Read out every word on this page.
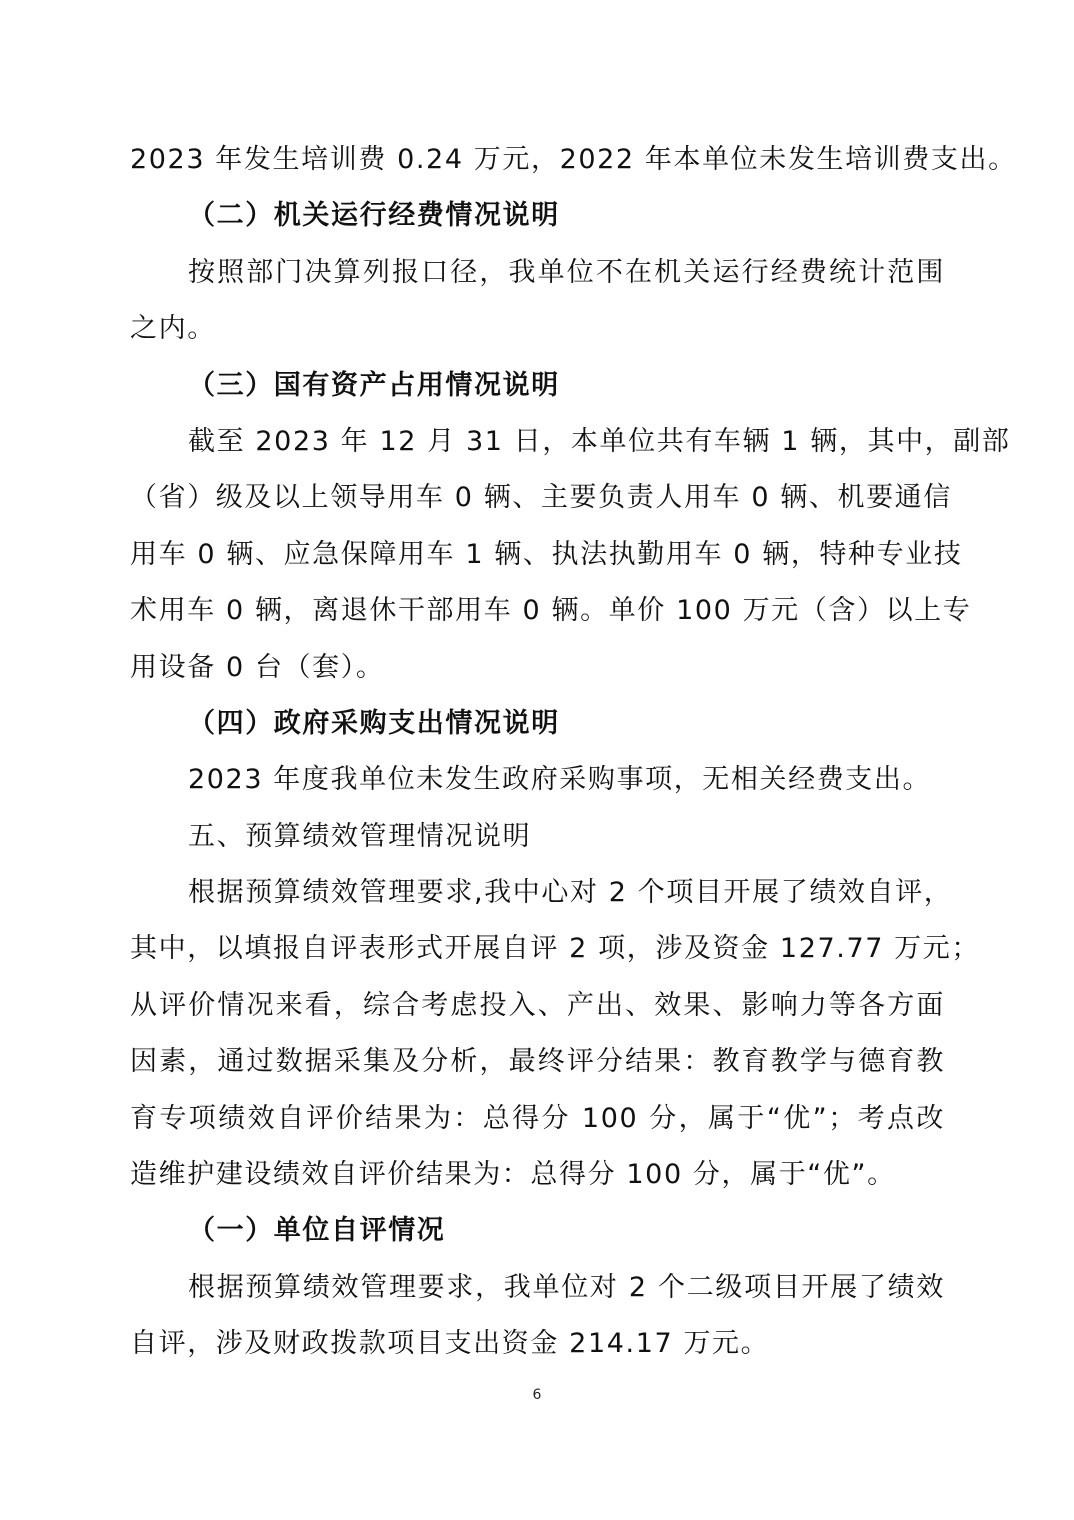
2023 年发生培训费 0.24 万元，2022 年本单位未发生培训费支出。
（二）机关运行经费情况说明
按照部门决算列报口径，我单位不在机关运行经费统计范围
之内。
（三）国有资产占用情况说明
截至 2023 年 12 月 31 日，本单位共有车辆 1 辆，其中，副部
（省）级及以上领导用车 0 辆、主要负责人用车 0 辆、机要通信
用车 0 辆、应急保障用车 1 辆、执法执勤用车 0 辆，特种专业技
术用车 0 辆，离退休干部用车 0 辆。单价 100 万元（含）以上专
用设备 0 台（套）。
（四）政府采购支出情况说明
2023 年度我单位未发生政府采购事项，无相关经费支出。
五、预算绩效管理情况说明
根据预算绩效管理要求,我中心对 2 个项目开展了绩效自评，
其中，以填报自评表形式开展自评 2 项，涉及资金 127.77 万元；
从评价情况来看，综合考虑投入、产出、效果、影响力等各方面
因素，通过数据采集及分析，最终评分结果：教育教学与德育教
育专项绩效自评价结果为：总得分 100 分，属于“优”；考点改
造维护建设绩效自评价结果为：总得分 100 分，属于“优”。
（一）单位自评情况
根据预算绩效管理要求，我单位对 2 个二级项目开展了绩效
自评，涉及财政拨款项目支出资金 214.17 万元。
6
